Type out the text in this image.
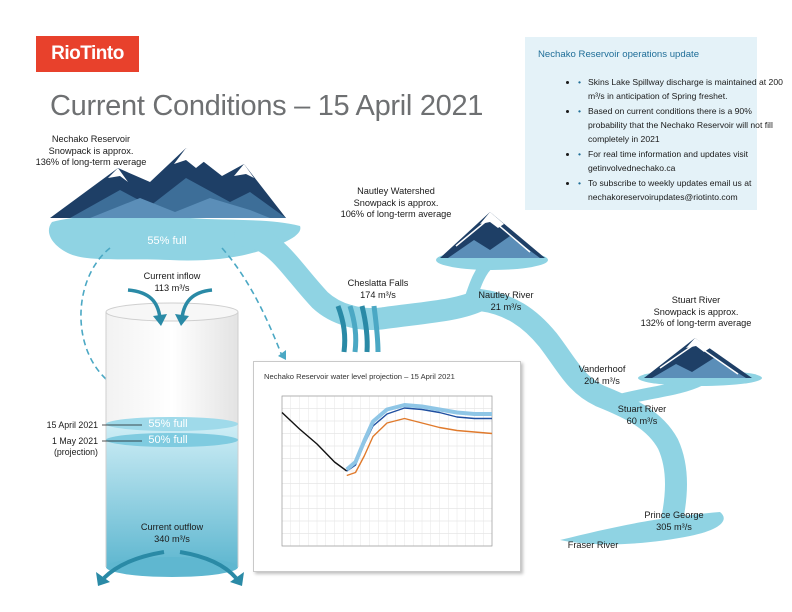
RioTinto
Current Conditions – 15 April 2021
Nechako Reservoir
Snowpack is approx.
136% of long-term average
55% full
Nautley Watershed
Snowpack is approx.
106% of long-term average
Stuart River
Snowpack is approx.
132% of long-term average
Current inflow
113 m³/s
Current outflow
340 m³/s
Cheslatta Falls
174 m³/s	Nautley River
21 m³/s
Vanderhoof
204 m³/s
Stuart River
60 m³/s
Prince George
305 m³/s
Fraser River
15 April 2021
1 May 2021
(projection)
55% full
50% full
Nechako Reservoir operations update
• • Skins Lake Spillway discharge is maintained at 200 m³/s in anticipation of Spring freshet.
• • Based on current conditions there is a 90% probability that the Nechako Reservoir will not fill completely in 2021
• • For real time information and updates visit getinvolvednechako.ca
• • To subscribe to weekly updates email us at nechakoreservoirupdates@riotinto.com
Nechako Reservoir water level projection – 15 April 2021
